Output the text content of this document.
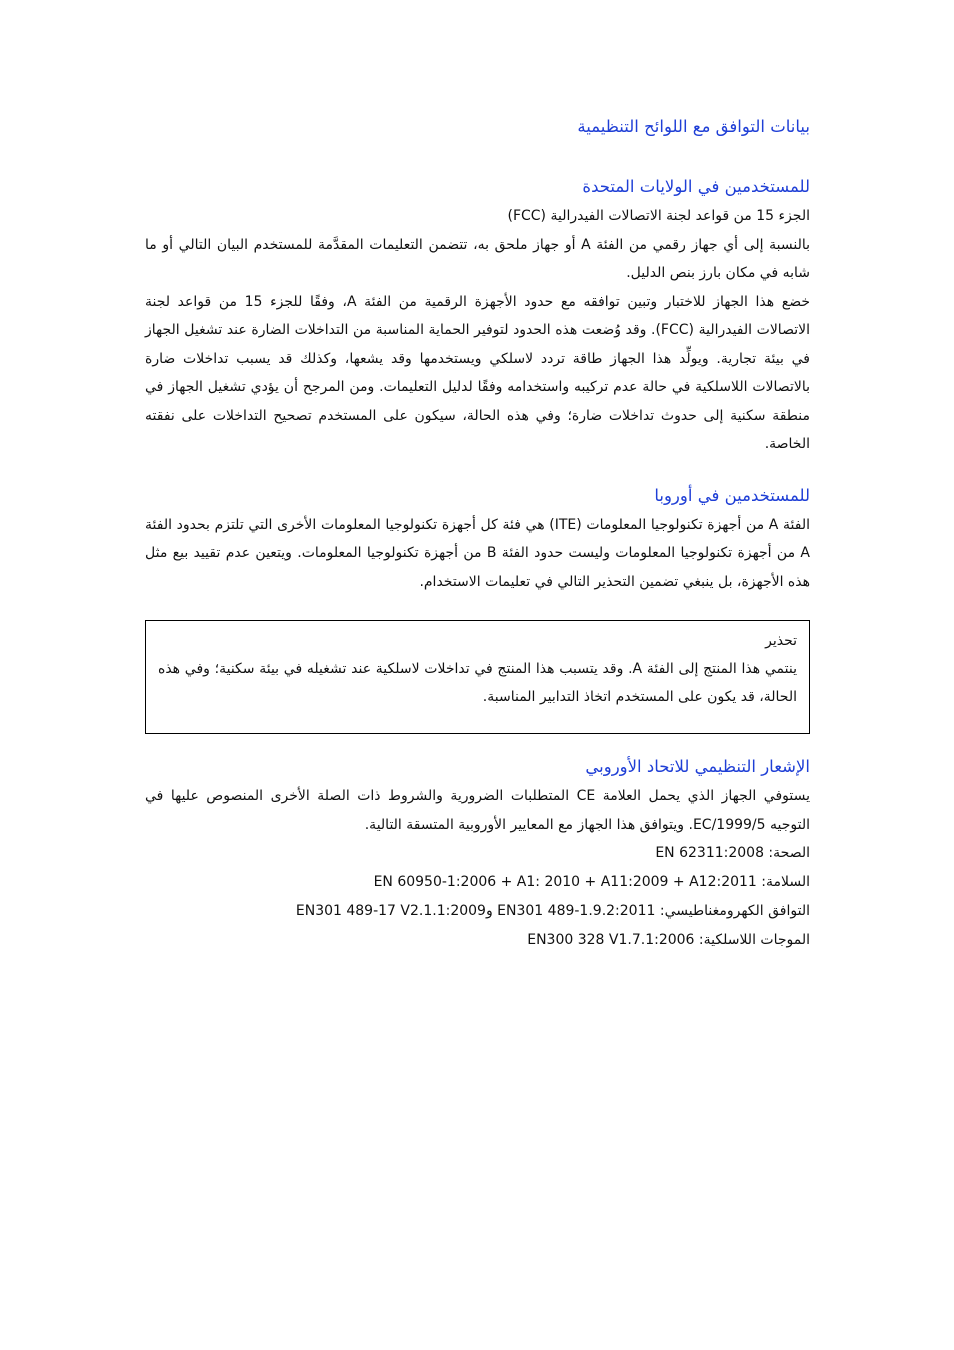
بيانات التوافق مع اللوائح التنظيمية
للمستخدمين في الولايات المتحدة

الجزء 15 من قواعد لجنة الاتصالات الفيدرالية (FCC)

بالنسبة إلى أي جهاز رقمي من الفئة A أو جهاز ملحق به، تتضمن التعليمات المقدَّمة للمستخدم البيان التالي أو ما شابه في مكان بارز بنص الدليل.

خضع هذا الجهاز للاختبار وتبين توافقه مع حدود الأجهزة الرقمية من الفئة A، وفقًا للجزء 15 من قواعد لجنة الاتصالات الفيدرالية (FCC). وقد وُضعت هذه الحدود لتوفير الحماية المناسبة من التداخلات الضارة عند تشغيل الجهاز في بيئة تجارية. ويولِّد هذا الجهاز طاقة تردد لاسلكي ويستخدمها وقد يشعها، وكذلك قد يسبب تداخلات ضارة بالاتصالات اللاسلكية في حالة عدم تركيبه واستخدامه وفقًا لدليل التعليمات. ومن المرجح أن يؤدي تشغيل الجهاز في منطقة سكنية إلى حدوث تداخلات ضارة؛ وفي هذه الحالة، سيكون على المستخدم تصحيح التداخلات على نفقته الخاصة.

للمستخدمين في أوروبا

الفئة A من أجهزة تكنولوجيا المعلومات (ITE) هي فئة كل أجهزة تكنولوجيا المعلومات الأخرى التي تلتزم بحدود الفئة A من أجهزة تكنولوجيا المعلومات وليست حدود الفئة B من أجهزة تكنولوجيا المعلومات. ويتعين عدم تقييد بيع مثل هذه الأجهزة، بل ينبغي تضمين التحذير التالي في تعليمات الاستخدام.

تحذير

ينتمي هذا المنتج إلى الفئة A. وقد يتسبب هذا المنتج في تداخلات لاسلكية عند تشغيله في بيئة سكنية؛ وفي هذه الحالة، قد يكون على المستخدم اتخاذ التدابير المناسبة.

الإشعار التنظيمي للاتحاد الأوروبي

يستوفي الجهاز الذي يحمل العلامة CE المتطلبات الضرورية والشروط ذات الصلة الأخرى المنصوص عليها في التوجيه EC/1999/5. ويتوافق هذا الجهاز مع المعايير الأوروبية المتسقة التالية.

الصحة: EN 62311:2008

السلامة: EN 60950-1:2006 + A1: 2010 + A11:2009 + A12:2011

التوافق الكهرومغناطيسي: EN301 489-1.9.2:2011 وEN301 489-17 V2.1.1:2009

الموجات اللاسلكية: EN300 328 V1.7.1:2006
